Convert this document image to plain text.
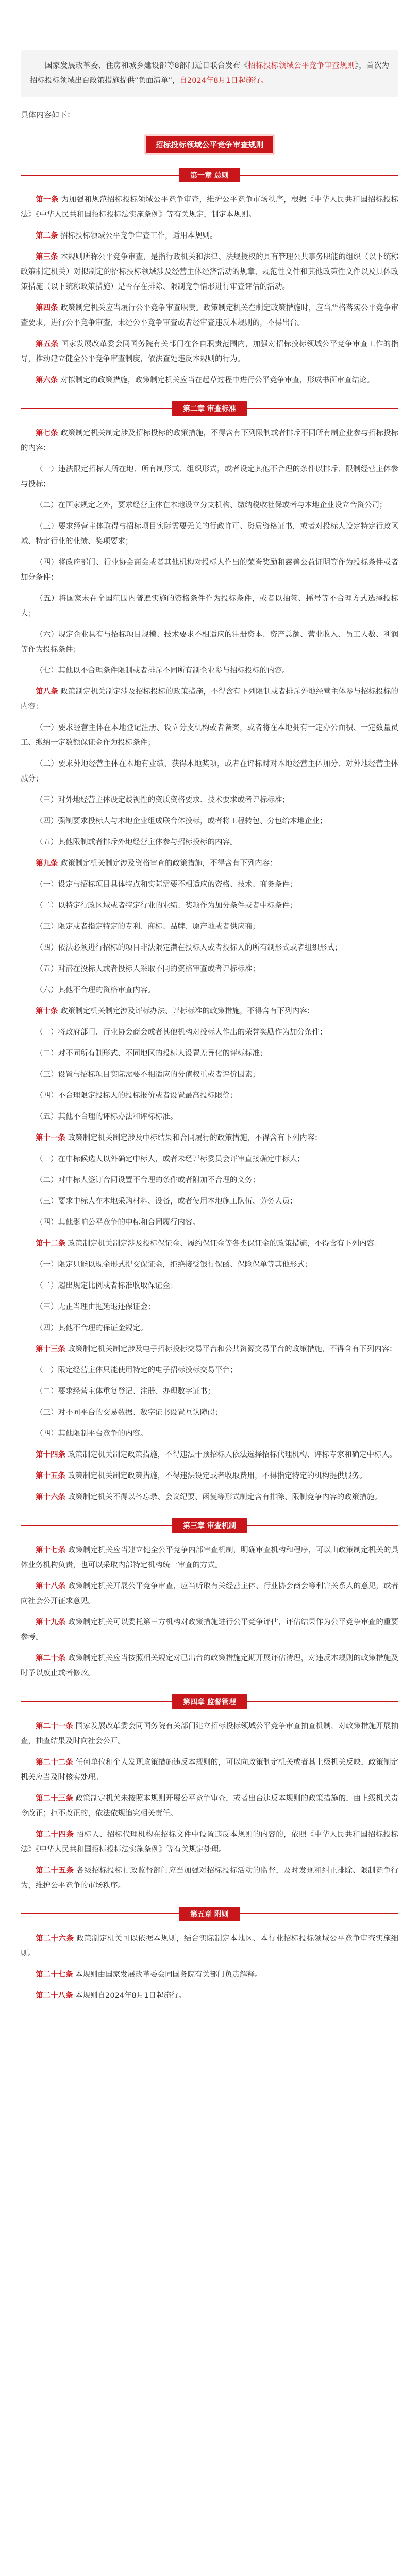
国家发展改革委、住房和城乡建设部等8部门近日联合发布《招标投标领域公平竞争审查规则》，首次为招标投标领域出台政策措施提供“负面清单”，自2024年8月1日起施行。

具体内容如下：

招标投标领域公平竞争审查规则
第一章 总则

第一条 为加强和规范招标投标领域公平竞争审查，维护公平竞争市场秩序，根据《中华人民共和国招标投标法》《中华人民共和国招标投标法实施条例》等有关规定，制定本规则。

第二条 招标投标领域公平竞争审查工作，适用本规则。

第三条 本规则所称公平竞争审查，是指行政机关和法律、法规授权的具有管理公共事务职能的组织（以下统称政策制定机关）对拟制定的招标投标领域涉及经营主体经济活动的规章、规范性文件和其他政策性文件以及具体政策措施（以下统称政策措施）是否存在排除、限制竞争情形进行审查评估的活动。

第四条 政策制定机关应当履行公平竞争审查职责。政策制定机关在制定政策措施时，应当严格落实公平竞争审查要求，进行公平竞争审查，未经公平竞争审查或者经审查违反本规则的，不得出台。

第五条 国家发展改革委会同国务院有关部门在各自职责范围内，加强对招标投标领域公平竞争审查工作的指导，推动建立健全公平竞争审查制度，依法查处违反本规则的行为。

第六条 对拟制定的政策措施，政策制定机关应当在起草过程中进行公平竞争审查，形成书面审查结论。

第二章 审查标准

第七条 政策制定机关制定涉及招标投标的政策措施，不得含有下列限制或者排斥不同所有制企业参与招标投标的内容：

（一）违法限定招标人所在地、所有制形式、组织形式，或者设定其他不合理的条件以排斥、限制经营主体参与投标；

（二）在国家规定之外，要求经营主体在本地设立分支机构、缴纳税收社保或者与本地企业设立合资公司；

（三）要求经营主体取得与招标项目实际需要无关的行政许可、资质资格证书，或者对投标人设定特定行政区域、特定行业的业绩、奖项要求；

（四）将政府部门、行业协会商会或者其他机构对投标人作出的荣誉奖励和慈善公益证明等作为投标条件或者加分条件；

（五）将国家未在全国范围内普遍实施的资格条件作为投标条件，或者以抽签、摇号等不合理方式选择投标人；

（六）规定企业具有与招标项目规模、技术要求不相适应的注册资本、资产总额、营业收入、员工人数、利润等作为投标条件；

（七）其他以不合理条件限制或者排斥不同所有制企业参与招标投标的内容。

第八条 政策制定机关制定涉及招标投标的政策措施，不得含有下列限制或者排斥外地经营主体参与招标投标的内容：

（一）要求经营主体在本地登记注册、设立分支机构或者备案，或者将在本地拥有一定办公面积、一定数量员工、缴纳一定数额保证金作为投标条件；

（二）要求外地经营主体在本地有业绩、获得本地奖项，或者在评标时对本地经营主体加分、对外地经营主体减分；

（三）对外地经营主体设定歧视性的资质资格要求、技术要求或者评标标准；

（四）强制要求投标人与本地企业组成联合体投标，或者将工程转包、分包给本地企业；

（五）其他限制或者排斥外地经营主体参与招标投标的内容。

第九条 政策制定机关制定涉及资格审查的政策措施，不得含有下列内容：

（一）设定与招标项目具体特点和实际需要不相适应的资格、技术、商务条件；

（二）以特定行政区域或者特定行业的业绩、奖项作为加分条件或者中标条件；

（三）限定或者指定特定的专利、商标、品牌、原产地或者供应商；

（四）依法必须进行招标的项目非法限定潜在投标人或者投标人的所有制形式或者组织形式；

（五）对潜在投标人或者投标人采取不同的资格审查或者评标标准；

（六）其他不合理的资格审查内容。

第十条 政策制定机关制定涉及评标办法、评标标准的政策措施，不得含有下列内容：

（一）将政府部门、行业协会商会或者其他机构对投标人作出的荣誉奖励作为加分条件；

（二）对不同所有制形式、不同地区的投标人设置差异化的评标标准；

（三）设置与招标项目实际需要不相适应的分值权重或者评价因素；

（四）不合理限定投标人的投标报价或者设置最高投标限价；

（五）其他不合理的评标办法和评标标准。

第十一条 政策制定机关制定涉及中标结果和合同履行的政策措施，不得含有下列内容：

（一）在中标候选人以外确定中标人，或者未经评标委员会评审直接确定中标人；

（二）对中标人签订合同设置不合理的条件或者附加不合理的义务；

（三）要求中标人在本地采购材料、设备，或者使用本地施工队伍、劳务人员；

（四）其他影响公平竞争的中标和合同履行内容。

第十二条 政策制定机关制定涉及投标保证金、履约保证金等各类保证金的政策措施，不得含有下列内容：

（一）限定只能以现金形式提交保证金，拒绝接受银行保函、保险保单等其他形式；

（二）超出规定比例或者标准收取保证金；

（三）无正当理由拖延退还保证金；

（四）其他不合理的保证金规定。

第十三条 政策制定机关制定涉及电子招标投标交易平台和公共资源交易平台的政策措施，不得含有下列内容：

（一）限定经营主体只能使用特定的电子招标投标交易平台；

（二）要求经营主体重复登记、注册、办理数字证书；

（三）对不同平台的交易数据、数字证书设置互认障碍；

（四）其他限制平台竞争的内容。

第十四条 政策制定机关制定政策措施，不得违法干预招标人依法选择招标代理机构、评标专家和确定中标人。

第十五条 政策制定机关制定政策措施，不得违法设定或者收取费用，不得指定特定的机构提供服务。

第十六条 政策制定机关不得以备忘录、会议纪要、函复等形式制定含有排除、限制竞争内容的政策措施。

第三章 审查机制

第十七条 政策制定机关应当建立健全公平竞争内部审查机制，明确审查机构和程序，可以由政策制定机关的具体业务机构负责，也可以采取内部特定机构统一审查的方式。

第十八条 政策制定机关开展公平竞争审查，应当听取有关经营主体、行业协会商会等利害关系人的意见，或者向社会公开征求意见。

第十九条 政策制定机关可以委托第三方机构对政策措施进行公平竞争评估，评估结果作为公平竞争审查的重要参考。

第二十条 政策制定机关应当按照相关规定对已出台的政策措施定期开展评估清理，对违反本规则的政策措施及时予以废止或者修改。

第四章 监督管理

第二十一条 国家发展改革委会同国务院有关部门建立招标投标领域公平竞争审查抽查机制，对政策措施开展抽查，抽查结果及时向社会公开。

第二十二条 任何单位和个人发现政策措施违反本规则的，可以向政策制定机关或者其上级机关反映，政策制定机关应当及时核实处理。

第二十三条 政策制定机关未按照本规则开展公平竞争审查，或者出台违反本规则的政策措施的，由上级机关责令改正；拒不改正的，依法依规追究相关责任。

第二十四条 招标人、招标代理机构在招标文件中设置违反本规则的内容的，依照《中华人民共和国招标投标法》《中华人民共和国招标投标法实施条例》等有关规定处理。

第二十五条 各级招标投标行政监督部门应当加强对招标投标活动的监督，及时发现和纠正排除、限制竞争行为，维护公平竞争的市场秩序。

第五章 附则

第二十六条 政策制定机关可以依据本规则，结合实际制定本地区、本行业招标投标领域公平竞争审查实施细则。

第二十七条 本规则由国家发展改革委会同国务院有关部门负责解释。

第二十八条 本规则自2024年8月1日起施行。
